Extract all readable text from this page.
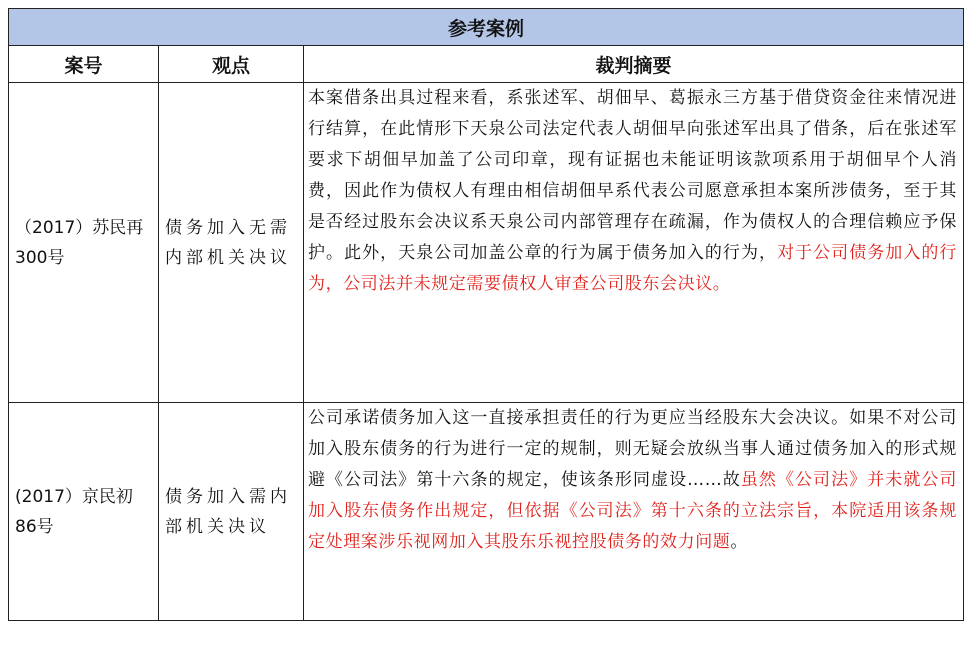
参考案例		
案号	观点	裁判摘要
（2017）苏民再300号	债务加入无需内部机关决议	本案借条出具过程来看，系张述军、胡佃早、葛振永三方基于借贷资金往来情况进行结算，在此情形下天泉公司法定代表人胡佃早向张述军出具了借条，后在张述军要求下胡佃早加盖了公司印章，现有证据也未能证明该款项系用于胡佃早个人消费，因此作为债权人有理由相信胡佃早系代表公司愿意承担本案所涉债务，至于其是否经过股东会决议系天泉公司内部管理存在疏漏，作为债权人的合理信赖应予保护。此外，天泉公司加盖公章的行为属于债务加入的行为，对于公司债务加入的行为，公司法并未规定需要债权人审查公司股东会决议。
(2017）京民初86号	债务加入需内部机关决议	公司承诺债务加入这一直接承担责任的行为更应当经股东大会决议。如果不对公司加入股东债务的行为进行一定的规制，则无疑会放纵当事人通过债务加入的形式规避《公司法》第十六条的规定，使该条形同虚设……故虽然《公司法》并未就公司加入股东债务作出规定，但依据《公司法》第十六条的立法宗旨，本院适用该条规定处理案涉乐视网加入其股东乐视控股债务的效力问题。
